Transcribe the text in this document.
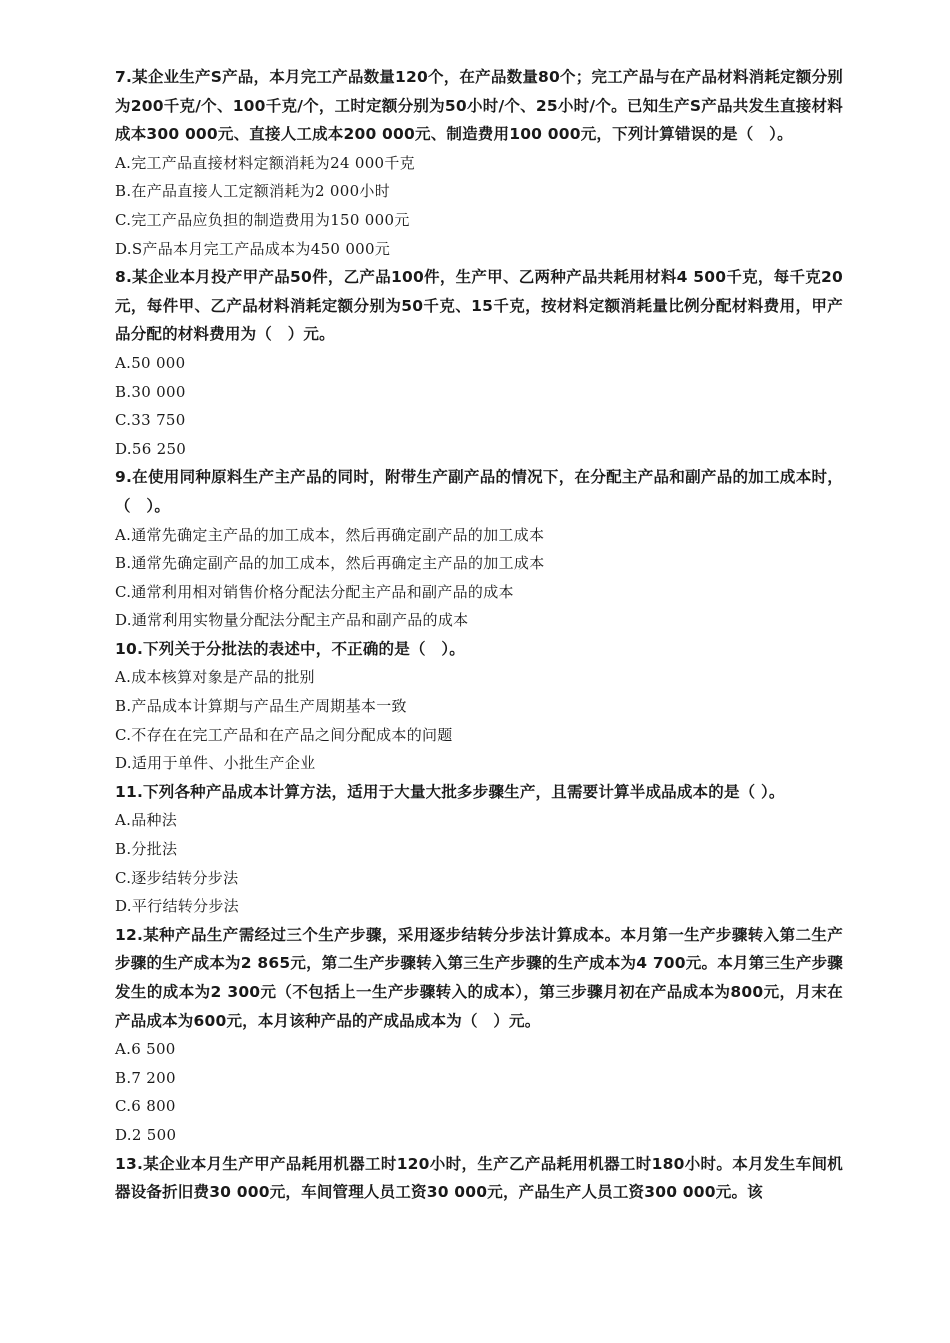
7.某企业生产S产品，本月完工产品数量120个，在产品数量80个；完工产品与在产品材料消耗定额分别为200千克/个、100千克/个，工时定额分别为50小时/个、25小时/个。已知生产S产品共发生直接材料成本300 000元、直接人工成本200 000元、制造费用100 000元，下列计算错误的是（　）。

A.完工产品直接材料定额消耗为24 000千克

B.在产品直接人工定额消耗为2 000小时

C.完工产品应负担的制造费用为150 000元

D.S产品本月完工产品成本为450 000元

8.某企业本月投产甲产品50件，乙产品100件，生产甲、乙两种产品共耗用材料4 500千克，每千克20元，每件甲、乙产品材料消耗定额分别为50千克、15千克，按材料定额消耗量比例分配材料费用，甲产品分配的材料费用为（　）元。

A.50 000

B.30 000

C.33 750

D.56 250

9.在使用同种原料生产主产品的同时，附带生产副产品的情况下，在分配主产品和副产品的加工成本时，（　）。

A.通常先确定主产品的加工成本，然后再确定副产品的加工成本

B.通常先确定副产品的加工成本，然后再确定主产品的加工成本

C.通常利用相对销售价格分配法分配主产品和副产品的成本

D.通常利用实物量分配法分配主产品和副产品的成本

10.下列关于分批法的表述中，不正确的是（　）。

A.成本核算对象是产品的批别

B.产品成本计算期与产品生产周期基本一致

C.不存在在完工产品和在产品之间分配成本的问题

D.适用于单件、小批生产企业

11.下列各种产品成本计算方法，适用于大量大批多步骤生产，且需要计算半成品成本的是（ ）。

A.品种法

B.分批法

C.逐步结转分步法

D.平行结转分步法

12.某种产品生产需经过三个生产步骤，采用逐步结转分步法计算成本。本月第一生产步骤转入第二生产步骤的生产成本为2 865元，第二生产步骤转入第三生产步骤的生产成本为4 700元。本月第三生产步骤发生的成本为2 300元（不包括上一生产步骤转入的成本），第三步骤月初在产品成本为800元，月末在产品成本为600元，本月该种产品的产成品成本为（　）元。

A.6 500

B.7 200

C.6 800

D.2 500

13.某企业本月生产甲产品耗用机器工时120小时，生产乙产品耗用机器工时180小时。本月发生车间机器设备折旧费30 000元，车间管理人员工资30 000元，产品生产人员工资300 000元。该
